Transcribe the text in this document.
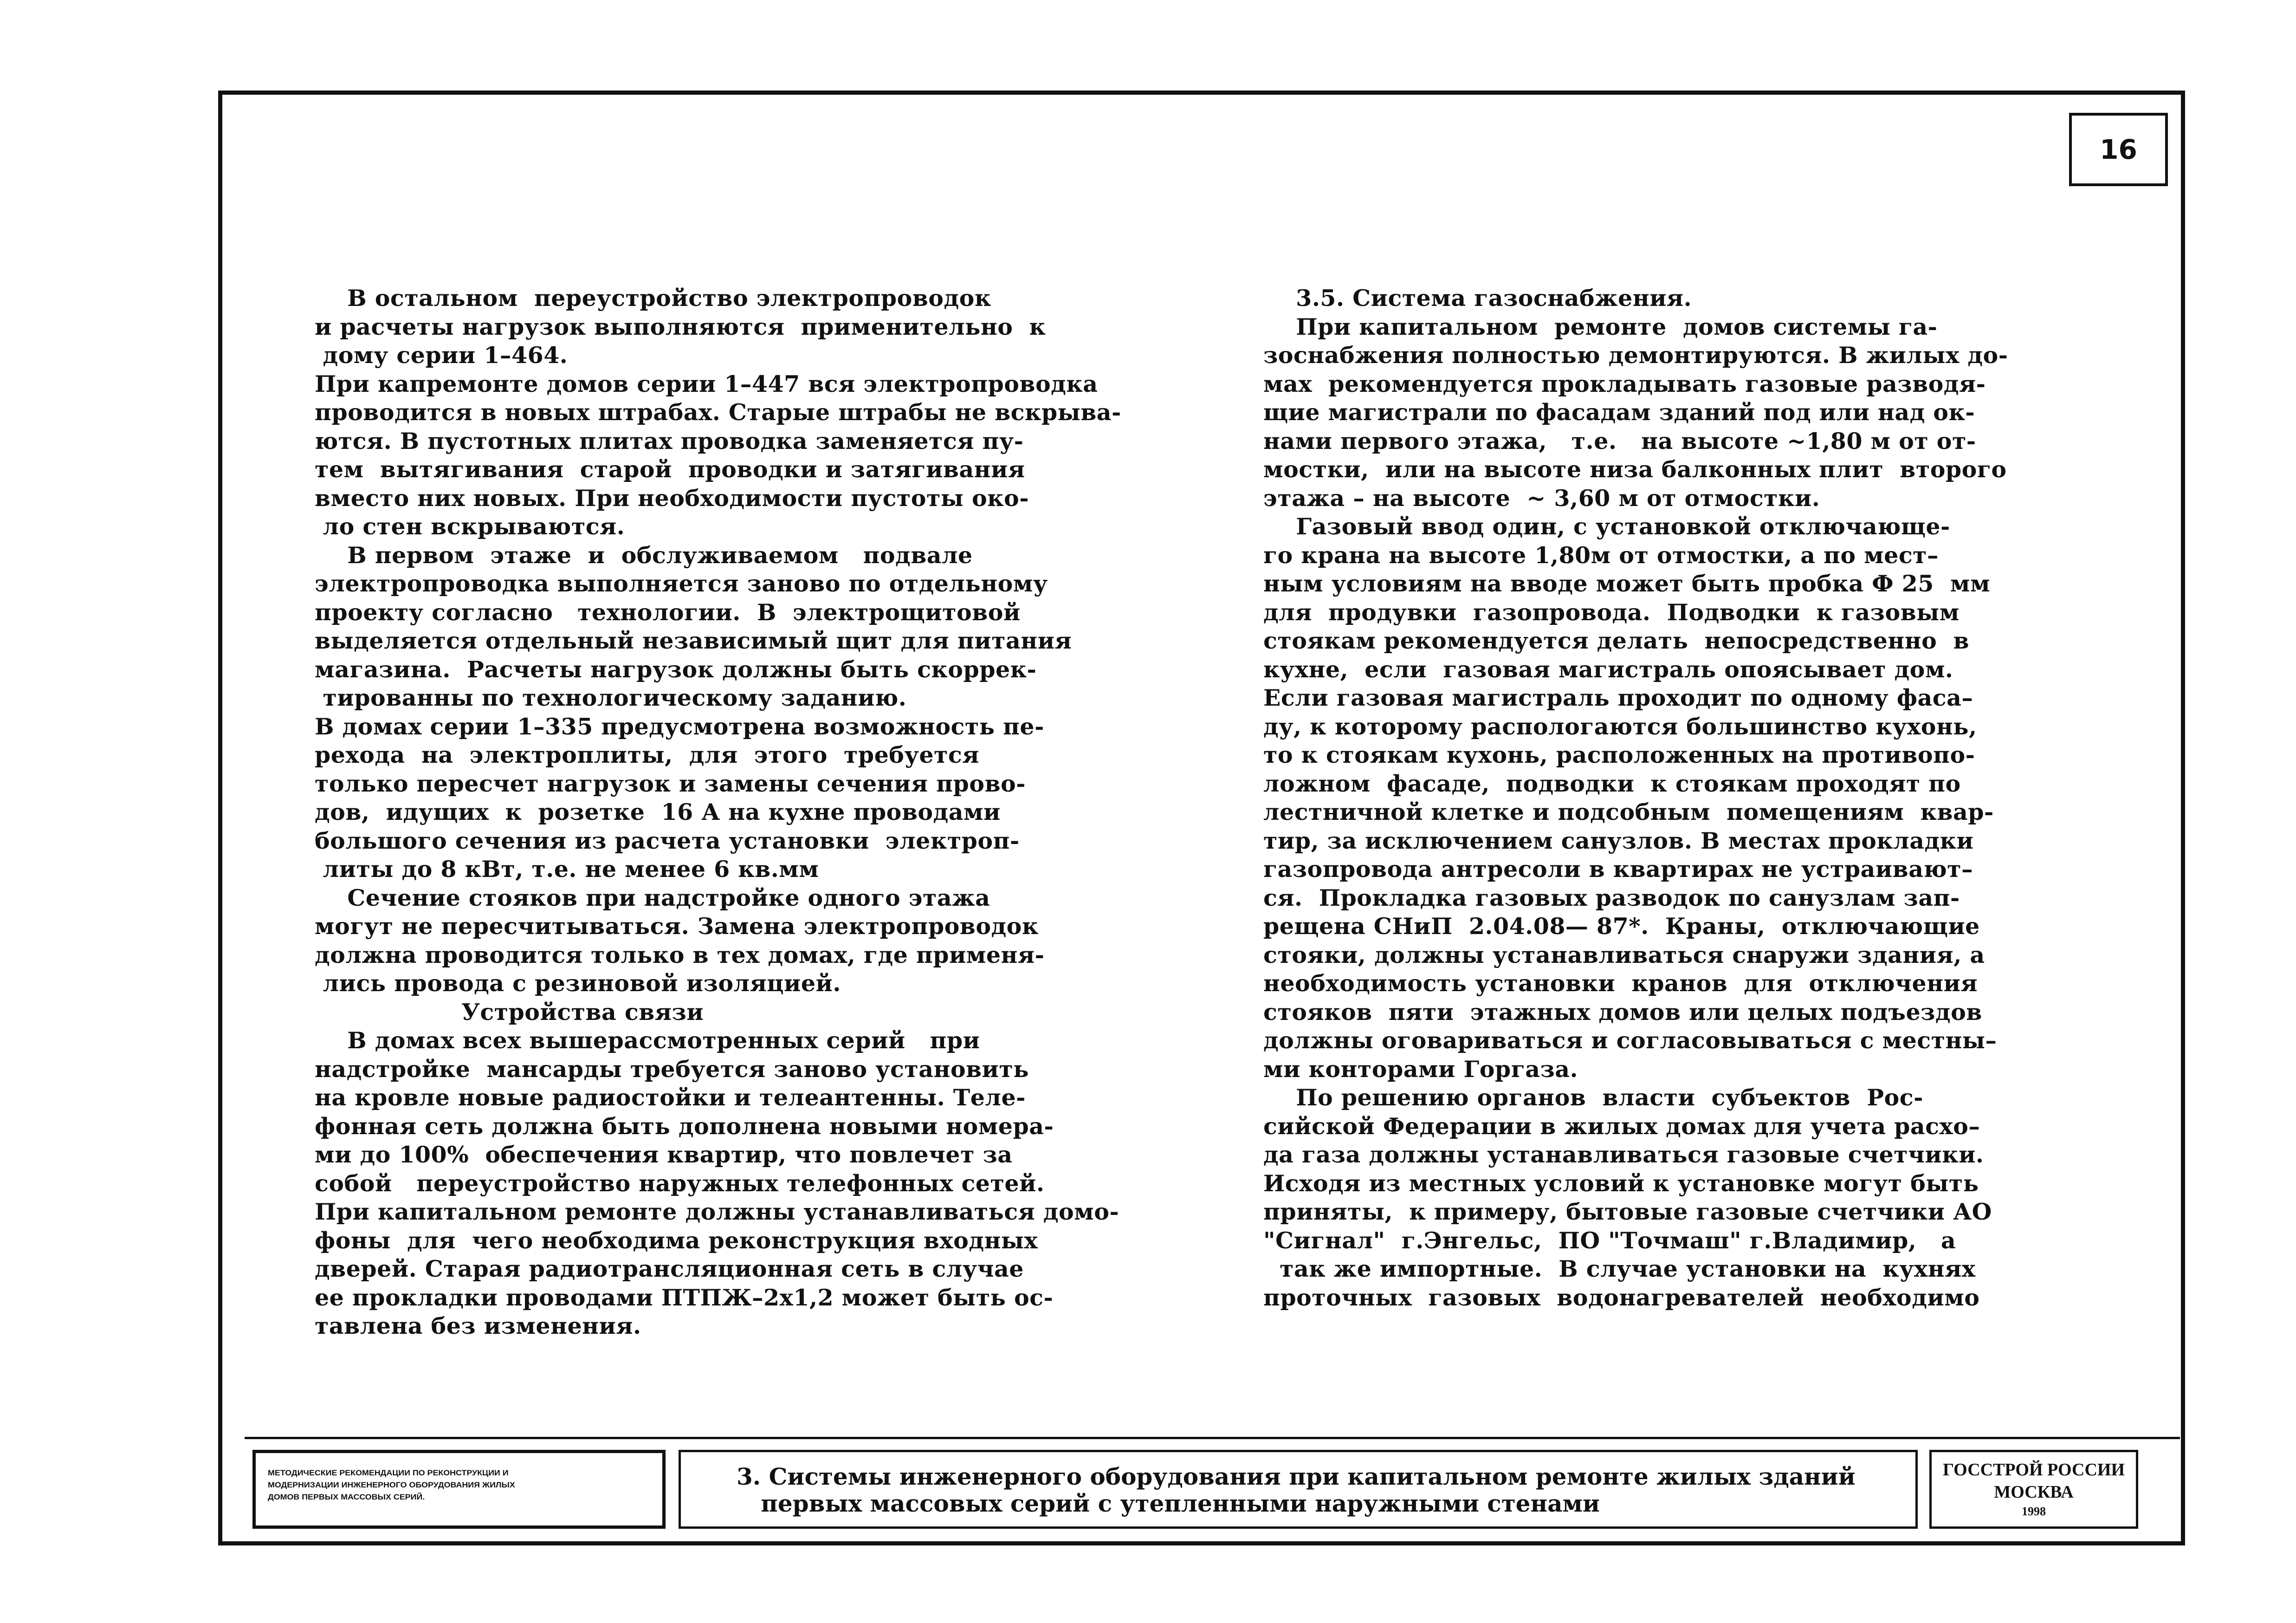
16
В остальном  переустройство электропроводок
и расчеты нагрузок выполняются  применительно  к
дому серии 1–464.
При капремонте домов серии 1–447 вся электропроводка
проводится в новых штрабах. Старые штрабы не вскрыва-
ются. В пустотных плитах проводка заменяется пу-
тем  вытягивания  старой  проводки и затягивания
вместо них новых. При необходимости пустоты око-
ло стен вскрываются.
В первом  этаже  и  обслуживаемом   подвале
электропроводка выполняется заново по отдельному
проекту согласно   технологии.  В  электрощитовой
выделяется отдельный независимый щит для питания
магазина.  Расчеты нагрузок должны быть скоррек-
тированны по технологическому заданию.
В домах серии 1–335 предусмотрена возможность пе-
рехода  на  электроплиты,  для  этого  требуется
только пересчет нагрузок и замены сечения прово-
дов,  идущих  к  розетке  16 А на кухне проводами
большого сечения из расчета установки  электроп-
литы до 8 кВт, т.е. не менее 6 кв.мм
Сечение стояков при надстройке одного этажа
могут не пересчитываться. Замена электропроводок
должна проводится только в тех домах, где применя-
лись провода с резиновой изоляцией.
Устройства связи
В домах всех вышерассмотренных серий   при
надстройке  мансарды требуется заново установить
на кровле новые радиостойки и телеантенны. Теле-
фонная сеть должна быть дополнена новыми номера-
ми до 100%  обеспечения квартир, что повлечет за
собой   переустройство наружных телефонных сетей.
При капитальном ремонте должны устанавливаться домо-
фоны  для  чего необходима реконструкция входных
дверей. Старая радиотрансляционная сеть в случае
ее прокладки проводами ПТПЖ–2х1,2 может быть ос-
тавлена без изменения.
3.5. Система газоснабжения.
При капитальном  ремонте  домов системы га-
зоснабжения полностью демонтируются. В жилых до-
мах  рекомендуется прокладывать газовые разводя-
щие магистрали по фасадам зданий под или над ок-
нами первого этажа,   т.е.   на высоте ~1,80 м от от-
мостки,  или на высоте низа балконных плит  второго
этажа – на высоте  ~ 3,60 м от отмостки.
Газовый ввод один, с установкой отключающе-
го крана на высоте 1,80м от отмостки, а по мест–
ным условиям на вводе может быть пробка Ф 25  мм
для  продувки  газопровода.  Подводки  к газовым
стоякам рекомендуется делать  непосредственно  в
кухне,  если  газовая магистраль опоясывает дом.
Если газовая магистраль проходит по одному фаса–
ду, к которому распологаются большинство кухонь,
то к стоякам кухонь, расположенных на противопо-
ложном  фасаде,  подводки  к стоякам проходят по
лестничной клетке и подсобным  помещениям  квар-
тир, за исключением санузлов. В местах прокладки
газопровода антресоли в квартирах не устраивают–
ся.  Прокладка газовых разводок по санузлам зап-
рещена СНиП  2.04.08— 87*.  Краны,  отключающие
стояки, должны устанавливаться снаружи здания, а
необходимость установки  кранов  для  отключения
стояков  пяти  этажных домов или целых подъездов
должны оговариваться и согласовываться с местны–
ми конторами Горгаза.
По решению органов  власти  субъектов  Рос-
сийской Федерации в жилых домах для учета расхо–
да газа должны устанавливаться газовые счетчики.
Исходя из местных условий к установке могут быть
приняты,  к примеру, бытовые газовые счетчики АО
"Сигнал"  г.Энгельс,  ПО "Точмаш" г.Владимир,   а
так же импортные.  В случае установки на  кухнях
проточных  газовых  водонагревателей  необходимо
МЕТОДИЧЕСКИЕ РЕКОМЕНДАЦИИ ПО РЕКОНСТРУКЦИИ И
МОДЕРНИЗАЦИИ ИНЖЕНЕРНОГО ОБОРУДОВАНИЯ ЖИЛЫХ
ДОМОВ ПЕРВЫХ МАССОВЫХ СЕРИЙ.
3. Системы инженерного оборудования при капитальном ремонте жилых зданий
первых массовых серий с утепленными наружными стенами
ГОССТРОЙ РОССИИ
МОСКВА
1998
